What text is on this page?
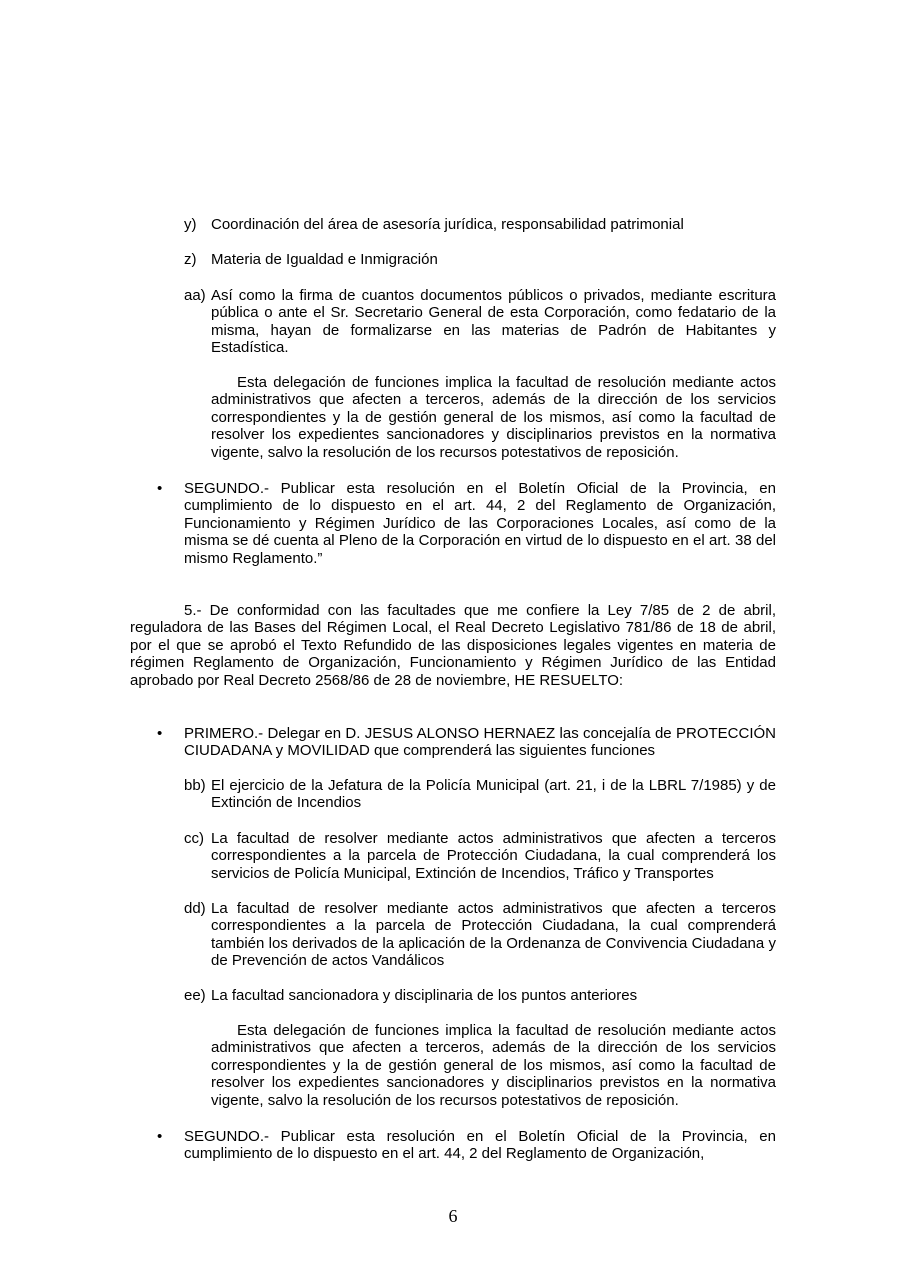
y) Coordinación del área de asesoría jurídica, responsabilidad patrimonial
z) Materia de Igualdad e Inmigración
aa) Así como la firma de cuantos documentos públicos o privados, mediante escritura pública o ante el Sr. Secretario General de esta Corporación, como fedatario de la misma, hayan de formalizarse en las materias de Padrón de Habitantes y Estadística.
Esta delegación de funciones implica la facultad de resolución mediante actos administrativos que afecten a terceros, además de la dirección de los servicios correspondientes y la de gestión general de los mismos, así como la facultad de resolver los expedientes sancionadores y disciplinarios previstos en la normativa vigente, salvo la resolución de los recursos potestativos de reposición.
• SEGUNDO.- Publicar esta resolución en el Boletín Oficial de la Provincia, en cumplimiento de lo dispuesto en el art. 44, 2 del Reglamento de Organización, Funcionamiento y Régimen Jurídico de las Corporaciones Locales, así como de la misma se dé cuenta al Pleno de la Corporación en virtud de lo dispuesto en el art. 38 del mismo Reglamento.”
5.- De conformidad con las facultades que me confiere la Ley 7/85 de 2 de abril, reguladora de las Bases del Régimen Local, el Real Decreto Legislativo 781/86 de 18 de abril, por el que se aprobó el Texto Refundido de las disposiciones legales vigentes en materia de régimen Reglamento de Organización, Funcionamiento y Régimen Jurídico de las Entidad aprobado por Real Decreto 2568/86 de 28 de noviembre, HE RESUELTO:
• PRIMERO.- Delegar en D. JESUS ALONSO HERNAEZ las concejalía de PROTECCIÓN CIUDADANA y MOVILIDAD que comprenderá las siguientes funciones
bb) El ejercicio de la Jefatura de la Policía Municipal (art. 21, i de la LBRL 7/1985) y de Extinción de Incendios
cc) La facultad de resolver mediante actos administrativos que afecten a terceros correspondientes a la parcela de Protección Ciudadana, la cual comprenderá los servicios de Policía Municipal, Extinción de Incendios, Tráfico y Transportes
dd) La facultad de resolver mediante actos administrativos que afecten a terceros correspondientes a la parcela de Protección Ciudadana, la cual comprenderá también los derivados de la aplicación de la Ordenanza de Convivencia Ciudadana y de Prevención de actos Vandálicos
ee) La facultad sancionadora y disciplinaria de los puntos anteriores
Esta delegación de funciones implica la facultad de resolución mediante actos administrativos que afecten a terceros, además de la dirección de los servicios correspondientes y la de gestión general de los mismos, así como la facultad de resolver los expedientes sancionadores y disciplinarios previstos en la normativa vigente, salvo la resolución de los recursos potestativos de reposición.
• SEGUNDO.- Publicar esta resolución en el Boletín Oficial de la Provincia, en cumplimiento de lo dispuesto en el art. 44, 2 del Reglamento de Organización,
6
